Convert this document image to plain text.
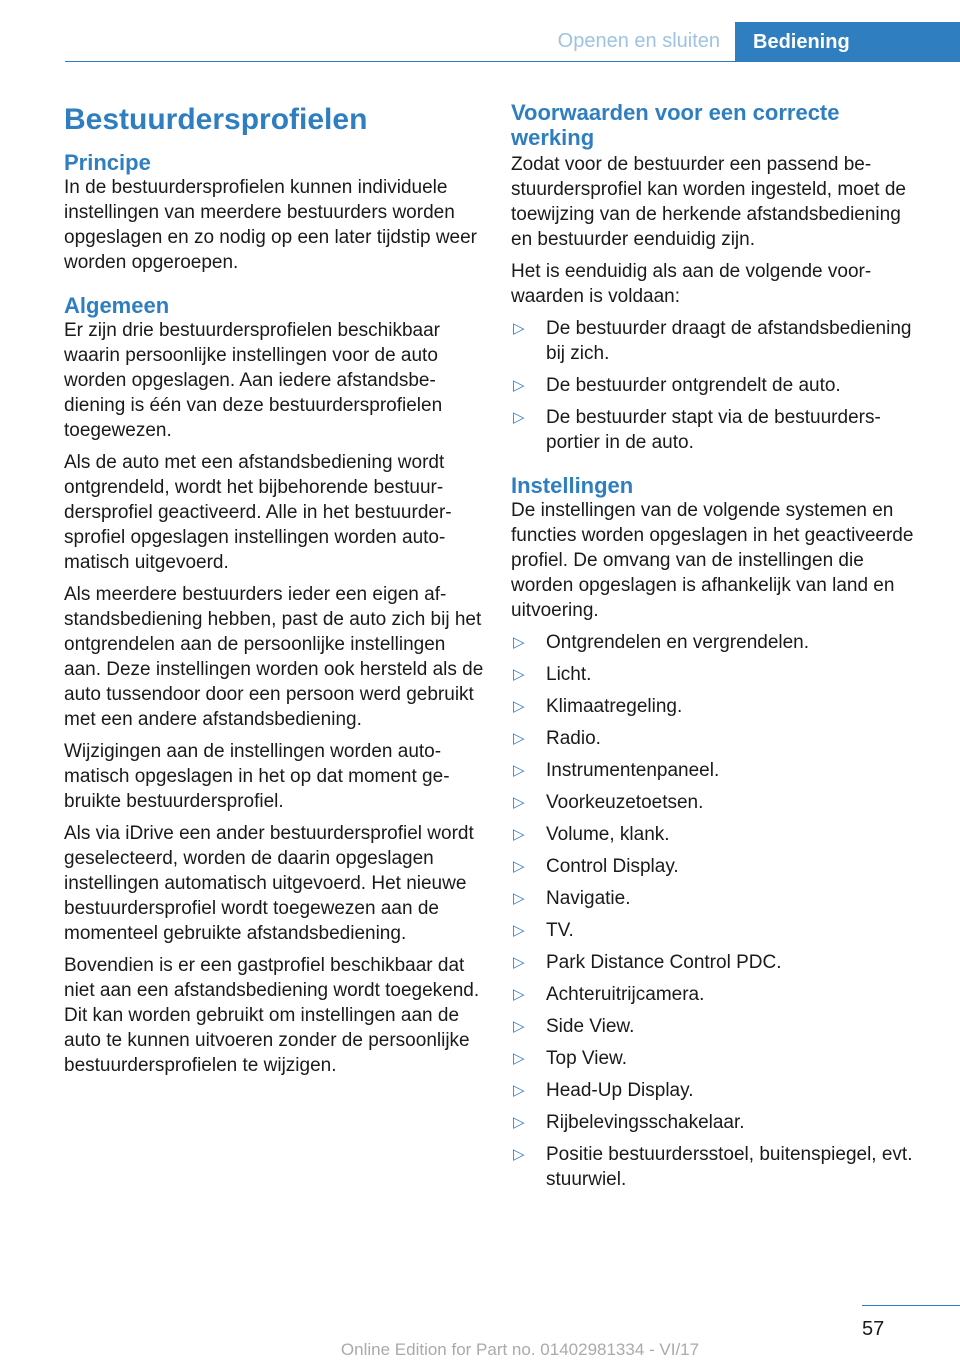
Openen en sluiten Bediening
Bestuurdersprofielen
Principe

In de bestuurdersprofielen kunnen individuele instellingen van meerdere bestuurders worden opgeslagen en zo nodig op een later tijdstip weer worden opgeroepen.

Algemeen

Er zijn drie bestuurdersprofielen beschikbaar waarin persoonlijke instellingen voor de auto worden opgeslagen. Aan iedere afstandsbediening is één van deze bestuurdersprofielen toegewezen.

Als de auto met een afstandsbediening wordt ontgrendeld, wordt het bijbehorende bestuurdersprofiel geactiveerd. Alle in het bestuurdersprofiel opgeslagen instellingen worden automatisch uitgevoerd.

Als meerdere bestuurders ieder een eigen afstandsbediening hebben, past de auto zich bij het ontgrendelen aan de persoonlijke instellingen aan. Deze instellingen worden ook hersteld als de auto tussendoor door een persoon werd gebruikt met een andere afstandsbediening.

Wijzigingen aan de instellingen worden automatisch opgeslagen in het op dat moment gebruikte bestuurdersprofiel.

Als via iDrive een ander bestuurdersprofiel wordt geselecteerd, worden de daarin opgeslagen instellingen automatisch uitgevoerd. Het nieuwe bestuurdersprofiel wordt toegewezen aan de momenteel gebruikte afstandsbediening.

Bovendien is er een gastprofiel beschikbaar dat niet aan een afstandsbediening wordt toegekend. Dit kan worden gebruikt om instellingen aan de auto te kunnen uitvoeren zonder de persoonlijke bestuurdersprofielen te wijzigen.

Voorwaarden voor een correcte werking

Zodat voor de bestuurder een passend bestuurdersprofiel kan worden ingesteld, moet de toewijzing van de herkende afstandsbediening en bestuurder eenduidig zijn.

Het is eenduidig als aan de volgende voorwaarden is voldaan:

▷ De bestuurder draagt de afstandsbediening bij zich.
▷ De bestuurder ontgrendelt de auto.
▷ De bestuurder stapt via de bestuurdersportier in de auto.
Instellingen

De instellingen van de volgende systemen en functies worden opgeslagen in het geactiveerde profiel. De omvang van de instellingen die worden opgeslagen is afhankelijk van land en uitvoering.

▷ Ontgrendelen en vergrendelen.
▷ Licht.
▷ Klimaatregeling.
▷ Radio.
▷ Instrumentenpaneel.
▷ Voorkeuzetoetsen.
▷ Volume, klank.
▷ Control Display.
▷ Navigatie.
▷ TV.
▷ Park Distance Control PDC.
▷ Achteruitrijcamera.
▷ Side View.
▷ Top View.
▷ Head-Up Display.
▷ Rijbelevingsschakelaar.
▷ Positie bestuurdersstoel, buitenspiegel, evt. stuurwiel.
57
Online Edition for Part no. 01402981334 - VI/17
